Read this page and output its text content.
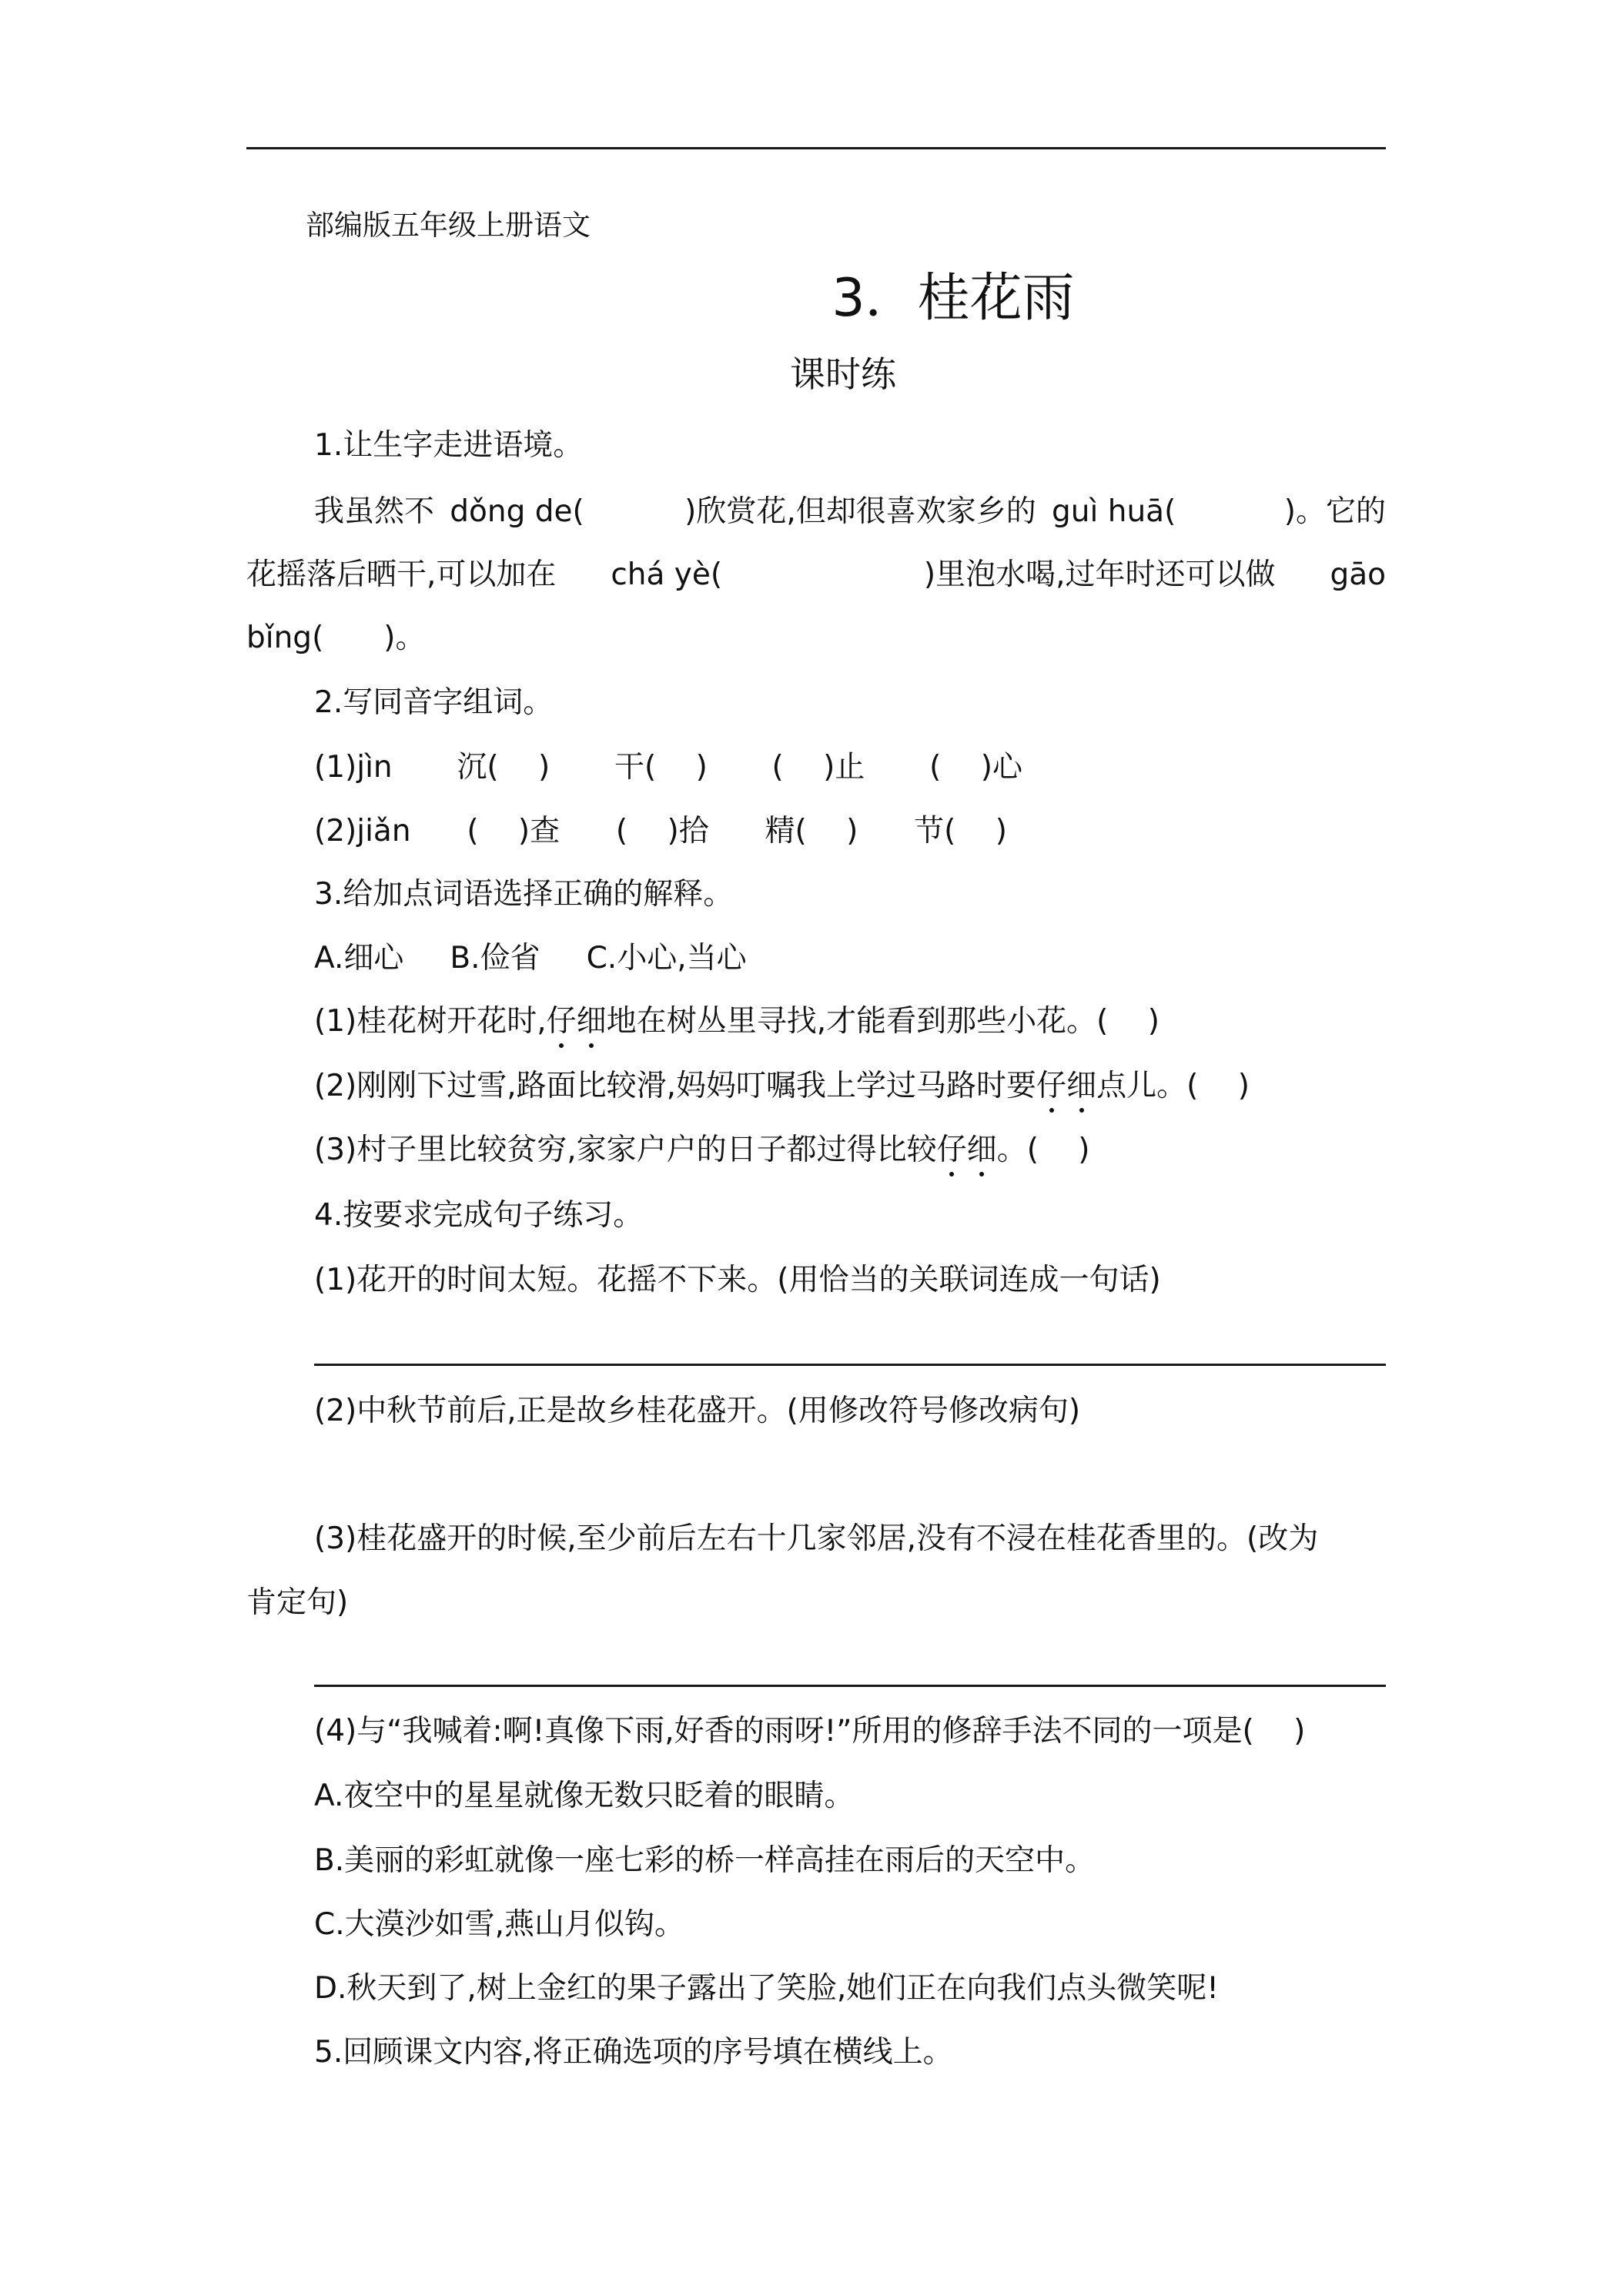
部编版五年级上册语文
3．桂花雨
课时练
1.让生字走进语境。
我虽然不 dǒng de(	)欣赏花,但却很喜欢家乡的 guì huā(	)。它的
花摇落后晒干,可以加在 chá yè(	)里泡水喝,过年时还可以做 gāo
bǐng(　　)。
2.写同音字组词。
(1)jìn 沉(　 ) 干(　 ) (　 )止 (　 )心
(2)jiǎn (　 )查 (　 )拾 精(　 ) 节(　 )
3.给加点词语选择正确的解释。
A.细心 B.俭省 C.小心,当心
(1)桂花树开花时,仔细地在树丛里寻找,才能看到那些小花。(　 )
(2)刚刚下过雪,路面比较滑,妈妈叮嘱我上学过马路时要仔细点儿。(　 )
(3)村子里比较贫穷,家家户户的日子都过得比较仔细。(　 )
4.按要求完成句子练习。
(1)花开的时间太短。花摇不下来。(用恰当的关联词连成一句话)
(2)中秋节前后,正是故乡桂花盛开。(用修改符号修改病句)
(3)桂花盛开的时候,至少前后左右十几家邻居,没有不浸在桂花香里的。(改为
肯定句)
(4)与“我喊着:啊!真像下雨,好香的雨呀!”所用的修辞手法不同的一项是(　 )
A.夜空中的星星就像无数只眨着的眼睛。
B.美丽的彩虹就像一座七彩的桥一样高挂在雨后的天空中。
C.大漠沙如雪,燕山月似钩。
D.秋天到了,树上金红的果子露出了笑脸,她们正在向我们点头微笑呢!
5.回顾课文内容,将正确选项的序号填在横线上。
